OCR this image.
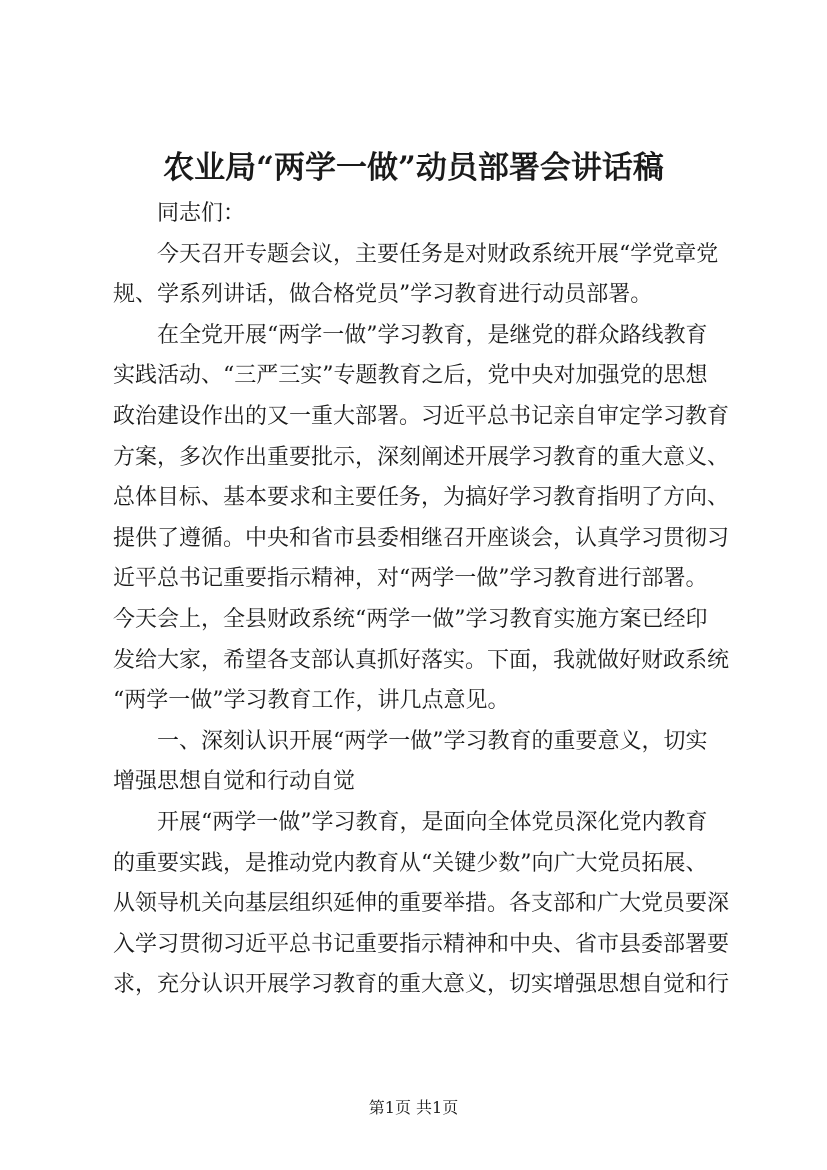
农业局“两学一做”动员部署会讲话稿
同志们：
今天召开专题会议，主要任务是对财政系统开展“学党章党
规、学系列讲话，做合格党员”学习教育进行动员部署。
在全党开展“两学一做”学习教育，是继党的群众路线教育
实践活动、“三严三实”专题教育之后，党中央对加强党的思想
政治建设作出的又一重大部署。习近平总书记亲自审定学习教育
方案，多次作出重要批示，深刻阐述开展学习教育的重大意义、
总体目标、基本要求和主要任务，为搞好学习教育指明了方向、
提供了遵循。中央和省市县委相继召开座谈会，认真学习贯彻习
近平总书记重要指示精神，对“两学一做”学习教育进行部署。
今天会上，全县财政系统“两学一做”学习教育实施方案已经印
发给大家，希望各支部认真抓好落实。下面，我就做好财政系统
“两学一做”学习教育工作，讲几点意见。
一、深刻认识开展“两学一做”学习教育的重要意义，切实
增强思想自觉和行动自觉
开展“两学一做”学习教育，是面向全体党员深化党内教育
的重要实践，是推动党内教育从“关键少数”向广大党员拓展、
从领导机关向基层组织延伸的重要举措。各支部和广大党员要深
入学习贯彻习近平总书记重要指示精神和中央、省市县委部署要
求，充分认识开展学习教育的重大意义，切实增强思想自觉和行
第1页 共1页
